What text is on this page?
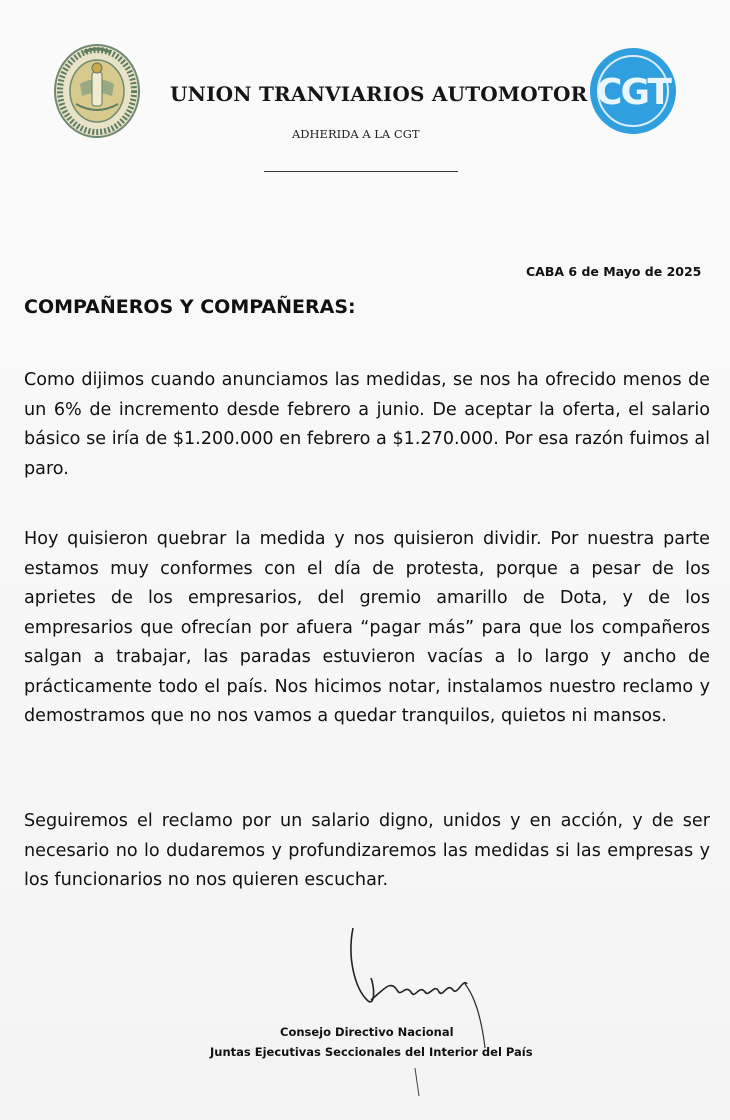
UNION TRANVIARIOS AUTOMOTOR
ADHERIDA A LA CGT
CGT
CABA 6 de Mayo de 2025
COMPAÑEROS Y COMPAÑERAS:
Como dijimos cuando anunciamos las medidas, se nos ha ofrecido menos de un 6% de incremento desde febrero a junio. De aceptar la oferta, el salario básico se iría de $1.200.000 en febrero a $1.270.000. Por esa razón fuimos al paro.
Hoy quisieron quebrar la medida y nos quisieron dividir. Por nuestra parte estamos muy conformes con el día de protesta, porque a pesar de los aprietes de los empresarios, del gremio amarillo de Dota, y de los empresarios que ofrecían por afuera “pagar más” para que los compañeros salgan a trabajar, las paradas estuvieron vacías a lo largo y ancho de prácticamente todo el país. Nos hicimos notar, instalamos nuestro reclamo y demostramos que no nos vamos a quedar tranquilos, quietos ni mansos.
Seguiremos el reclamo por un salario digno, unidos y en acción, y de ser necesario no lo dudaremos y profundizaremos las medidas si las empresas y los funcionarios no nos quieren escuchar.
Consejo Directivo Nacional
Juntas Ejecutivas Seccionales del Interior del País
